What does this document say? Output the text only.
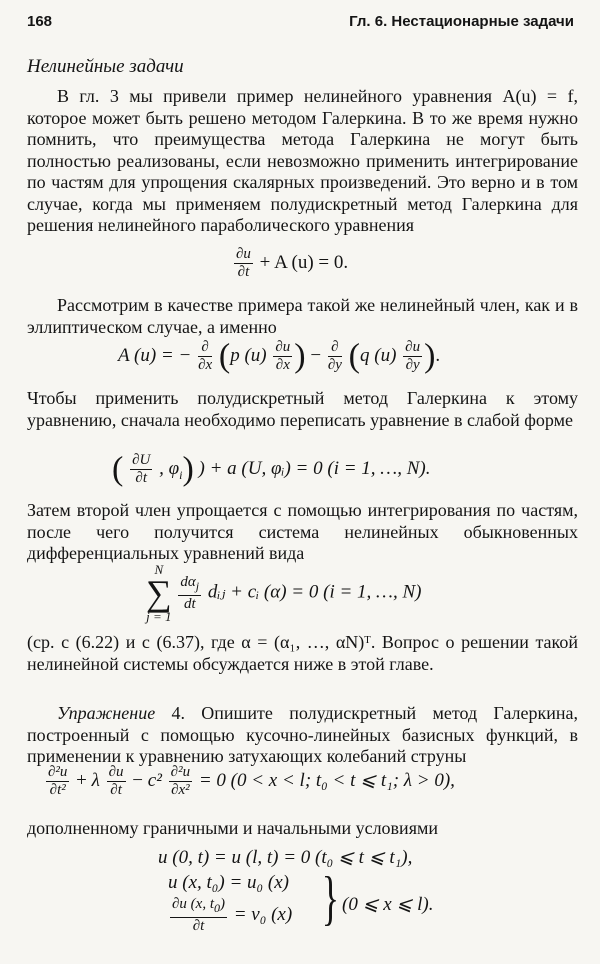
168	Гл. 6. Нестационарные задачи
Нелинейные задачи
В гл. 3 мы привели пример нелинейного уравнения A(u) = f, которое может быть решено методом Галеркина. В то же время нужно помнить, что преимущества метода Галеркина не могут быть полностью реализованы, если невозможно применить интегрирование по частям для упрощения скалярных произведений. Это верно и в том случае, когда мы применяем полудискретный метод Галеркина для решения нелинейного параболического уравнения
$\frac{\partial u}{\partial t} + A$ (u) = 0.
Рассмотрим в качестве примера такой же нелинейный член, как и в эллиптическом случае, а именно
A (u) = − $\frac{\partial}{\partial x} (p$ $(u) \frac{\partial u}{\partial x}$ ) − $\frac{\partial}{\partial y} (q$ $(u) \frac{\partial u}{\partial y}$ ).
Чтобы применить полудискретный метод Галеркина к этому уравнению, сначала необходимо переписать уравнение в слабой форме
( $\frac{\partial U}{\partial t}$ , $\varphi_i$) ) + a (U, φᵢ) = 0 (i = 1, …, N).
Затем второй член упрощается с помощью интегрирования по частям, после чего получится система нелинейных обыкновенных дифференциальных уравнений вида
N
∑
j = 1
$\frac{d\alpha_j}{dt}$ dᵢⱼ + cᵢ (α) = 0 (i = 1, …, N)
(ср. с (6.22) и с (6.37), где α = (α₁, …, αN)ᵀ. Вопрос о решении такой нелинейной системы обсуждается ниже в этой главе.
Упражнение 4. Опишите полудискретный метод Галеркина, построенный с помощью кусочно-линейных базисных функций, в применении к уравнению затухающих колебаний струны
$\frac{\text{∂²u}}{\text{∂t²}} + \lambda \frac{\partial u}{\partial t} - c^2 \frac{\text{∂²u}}{\text{∂x²}} = 0$ (0 < x < l; t₀ < t ⩽ t₁; λ > 0),
дополненному граничными и начальными условиями
u (0, t) = u (l, t) = 0 (t₀ ⩽ t ⩽ t₁),
u (x, t₀) = u₀ (x)
$\frac{\partial u (x, t_0)}{\partial t} = v_0$ (x) } (0 ⩽ x ⩽ l).
